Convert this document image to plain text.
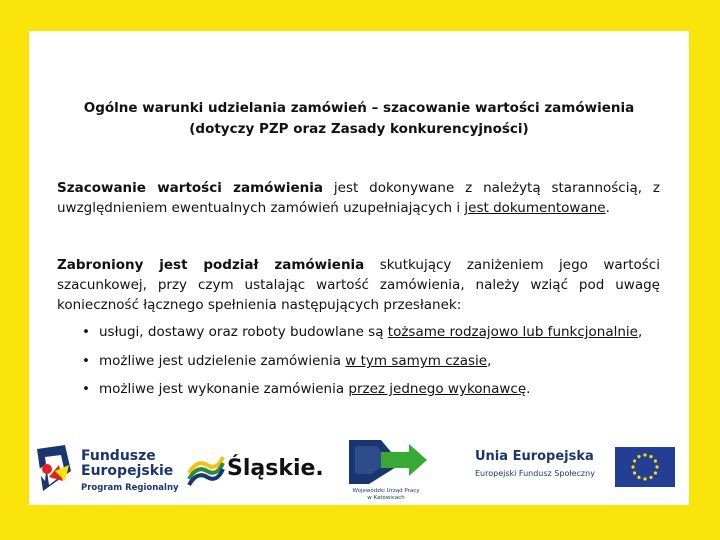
Ogólne warunki udzielania zamówień – szacowanie wartości zamówienia
(dotyczy PZP oraz Zasady konkurencyjności)
Szacowanie wartości zamówienia jest dokonywane z należytą starannością, z uwzględnieniem ewentualnych zamówień uzupełniających i jest dokumentowane.
Zabroniony jest podział zamówienia skutkujący zaniżeniem jego wartości szacunkowej, przy czym ustalając wartość zamówienia, należy wziąć pod uwagę konieczność łącznego spełnienia następujących przesłanek:
• usługi, dostawy oraz roboty budowlane są tożsame rodzajowo lub funkcjonalnie,
• możliwe jest udzielenie zamówienia w tym samym czasie,
• możliwe jest wykonanie zamówienia przez jednego wykonawcę.
Fundusze
Europejskie
Program Regionalny
Śląskie.
Wojewódzki Urząd Pracy
w Katowicach
Unia Europejska
Europejski Fundusz Społeczny
